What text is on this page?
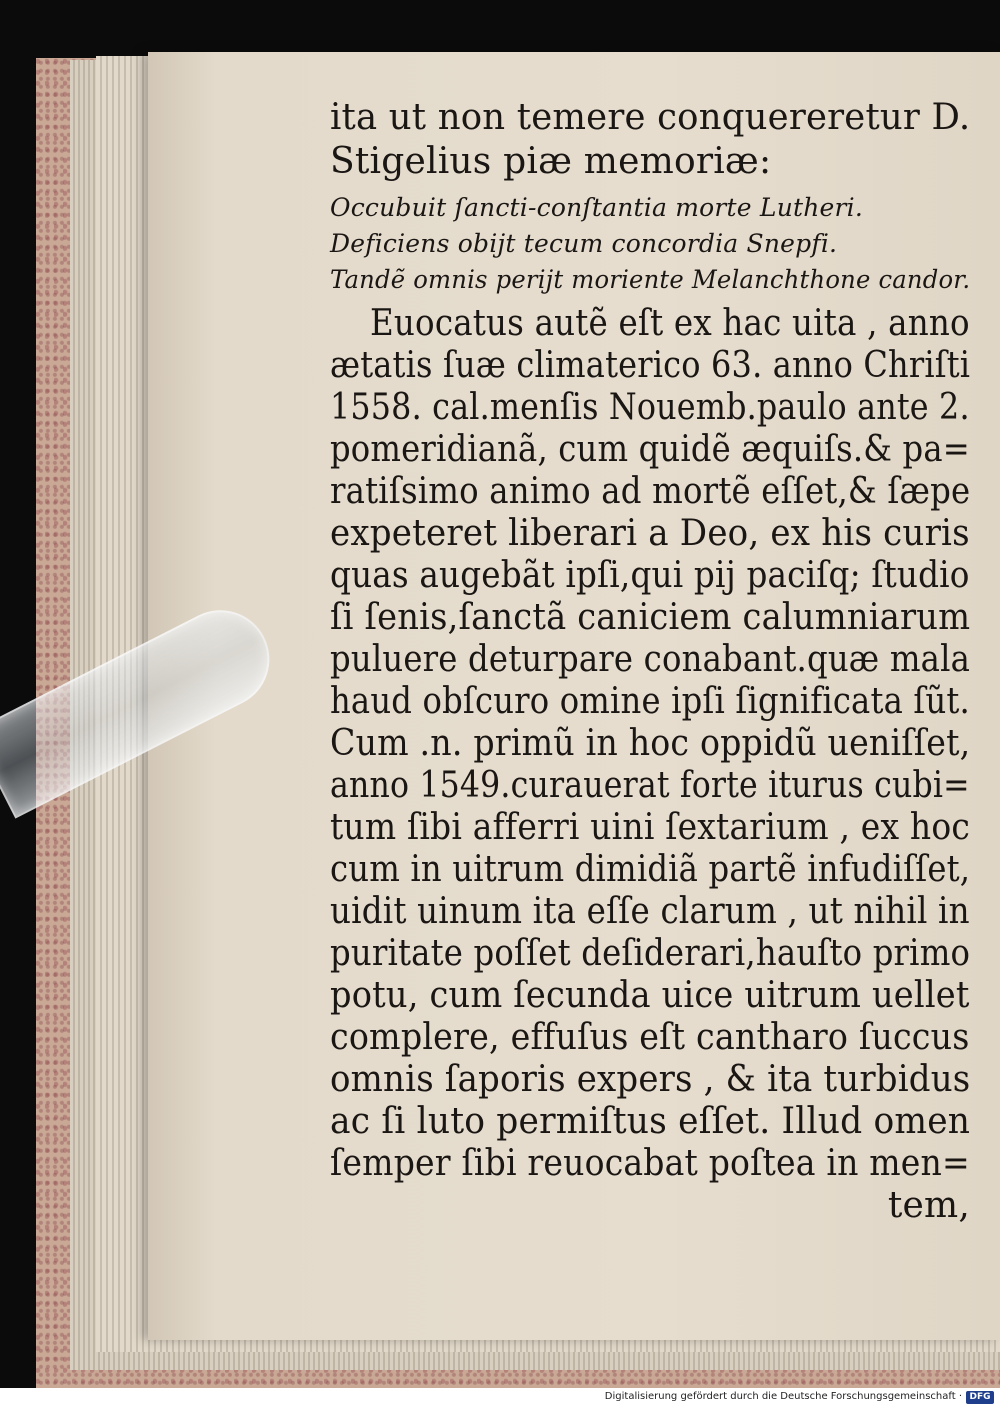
ita ut non temere conquereretur D.
Stigelius piæ memoriæ:
Occubuit ſancti-conſtantia morte Lutheri.
Deficiens obijt tecum concordia Snepfi.
Tandẽ omnis perijt moriente Melanchthone candor.
Euocatus autẽ eſt ex hac uita , anno
ætatis ſuæ climaterico 63. anno Chriſti
1558. cal.menſis Nouemb.paulo ante 2.
pomeridianã, cum quidẽ æquiſs.& pa=
ratiſsimo animo ad mortẽ eſſet,& ſæpe
expeteret liberari a Deo, ex his curis
quas augebãt ipſi,qui pij paciſq; ſtudio
ſi ſenis,ſanctã caniciem calumniarum
puluere deturpare conabant.quæ mala
haud obſcuro omine ipſi ſignificata ſũt.
Cum .n. primũ in hoc oppidũ ueniſſet,
anno 1549.curauerat forte iturus cubi=
tum ſibi afferri uini ſextarium , ex hoc
cum in uitrum dimidiã partẽ infudiſſet,
uidit uinum ita eſſe clarum , ut nihil in
puritate poſſet deſiderari,hauſto primo
potu, cum ſecunda uice uitrum uellet
complere, effuſus eſt cantharo ſuccus
omnis ſaporis expers , & ita turbidus
ac ſi luto permiſtus eſſet. Illud omen
ſemper ſibi reuocabat poſtea in men=
tem,
Digitalisierung gefördert durch die Deutsche Forschungsgemeinschaft · DFG
